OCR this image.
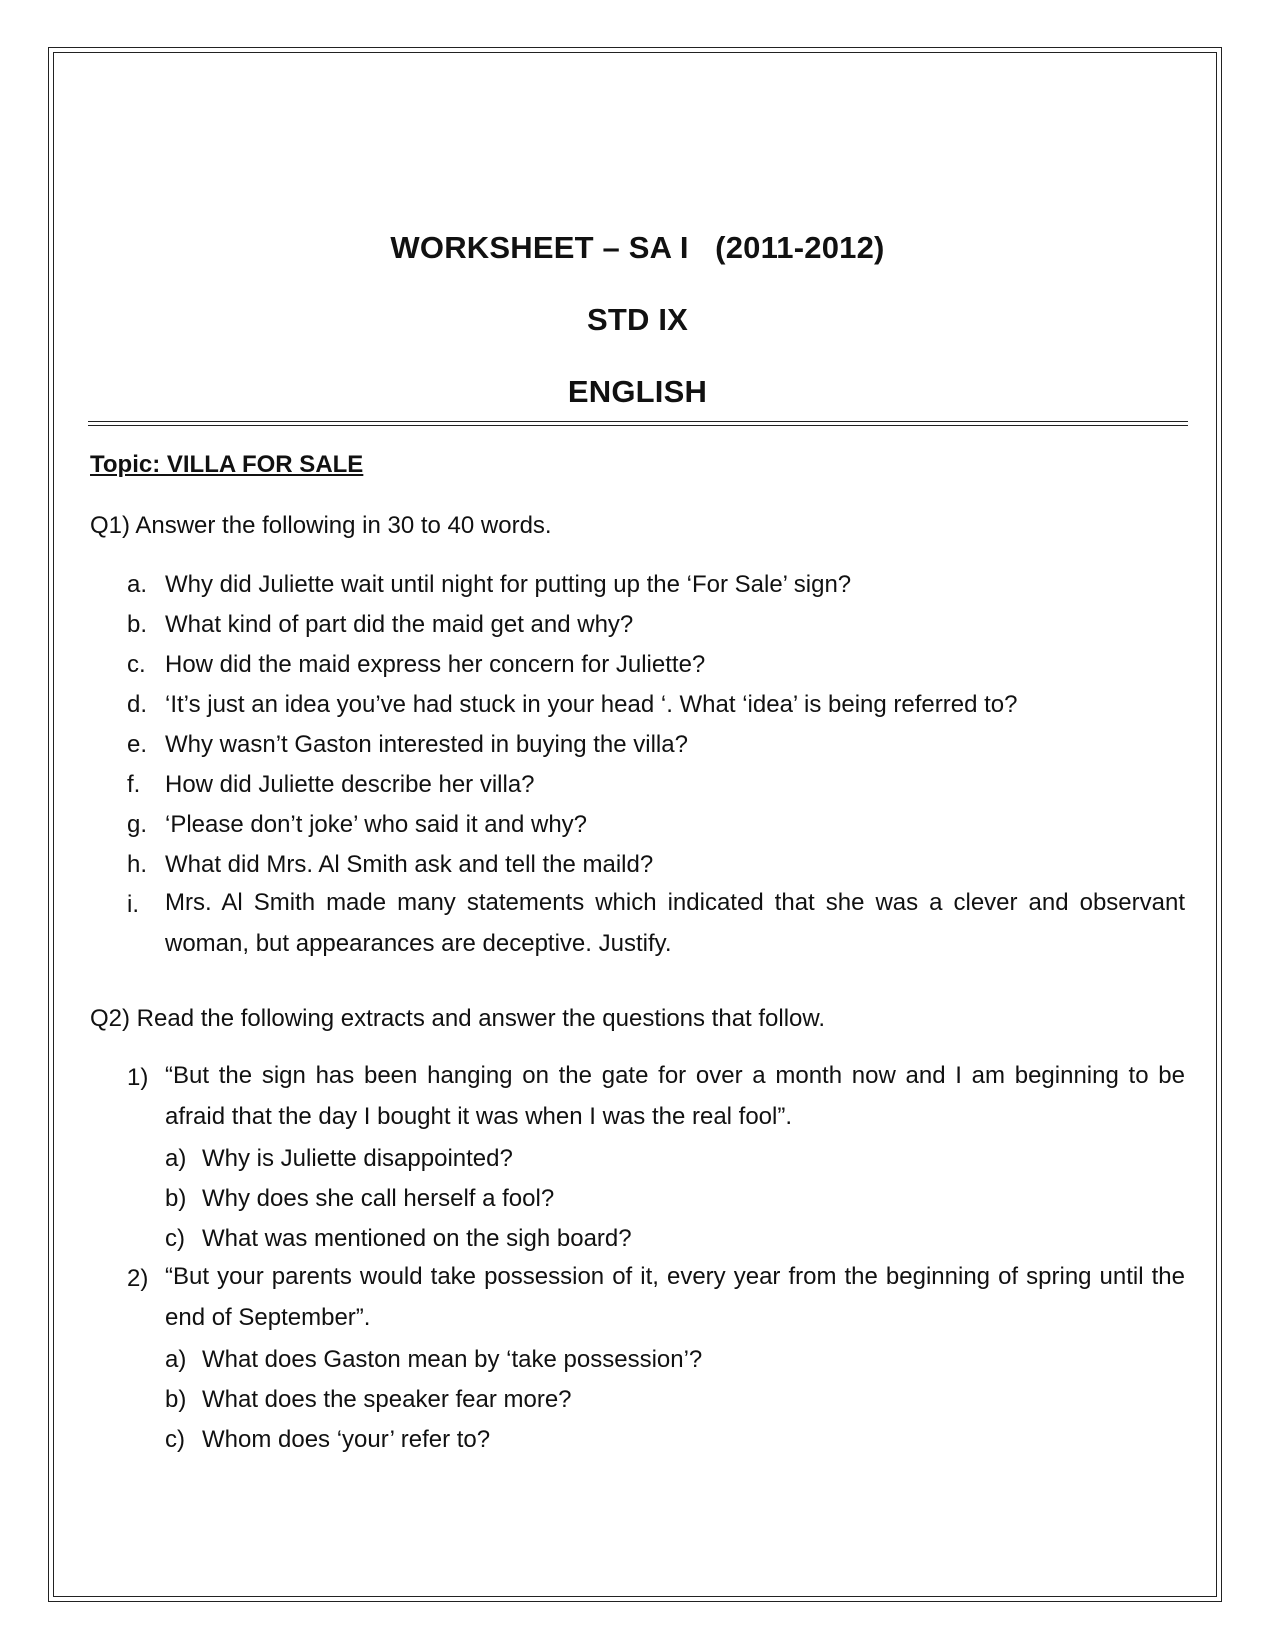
WORKSHEET – SA I   (2011-2012)
STD IX
ENGLISH
Topic: VILLA FOR SALE
Q1) Answer the following in 30 to 40 words.
a. Why did Juliette wait until night for putting up the ‘For Sale’ sign?
b. What kind of part did the maid get and why?
c. How did the maid express her concern for Juliette?
d. ‘It’s just an idea you’ve had stuck in your head ‘. What ‘idea’ is being referred to?
e. Why wasn’t Gaston interested in buying the villa?
f. How did Juliette describe her villa?
g. ‘Please don’t joke’ who said it and why?
h. What did Mrs. Al Smith ask and tell the maild?
i. Mrs. Al Smith made many statements which indicated that she was a clever and observant woman, but appearances are deceptive. Justify.
Q2) Read the following extracts and answer the questions that follow.
1) “But the sign has been hanging on the gate for over a month now and I am beginning to be afraid that the day I bought it was when I was the real fool”.
a) Why is Juliette disappointed?
b) Why does she call herself a fool?
c) What was mentioned on the sigh board?
2) “But your parents would take possession of it, every year from the beginning of spring until the end of September”.
a) What does Gaston mean by ‘take possession’?
b) What does the speaker fear more?
c) Whom does ‘your’ refer to?
